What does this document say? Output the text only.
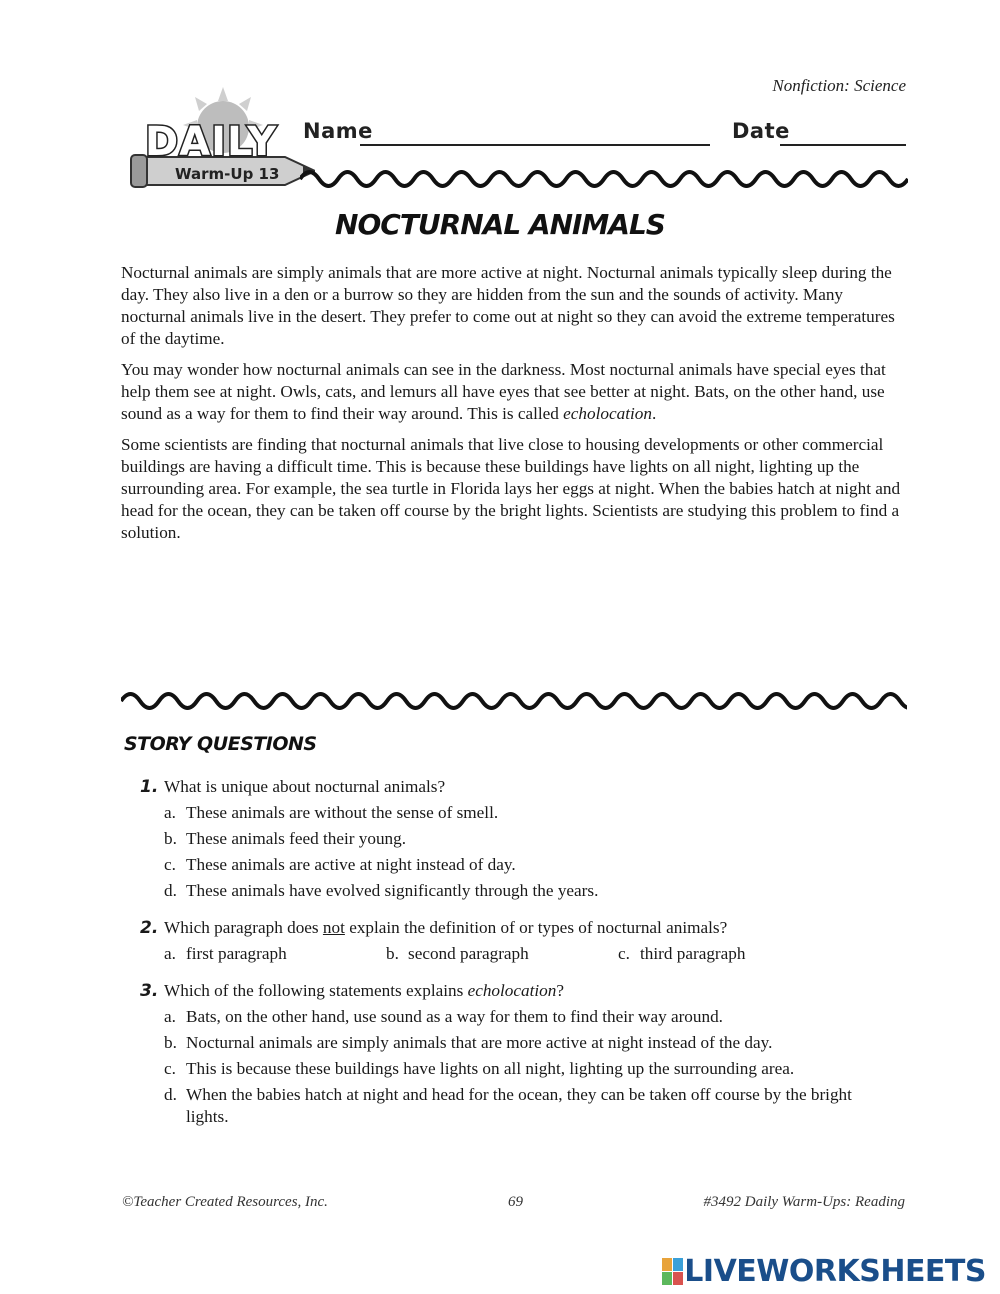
Nonfiction: Science
DAILY
Warm-Up 13
Name	Date
NOCTURNAL ANIMALS

Nocturnal animals are simply animals that are more active at night. Nocturnal animals typically sleep during the day. They also live in a den or a burrow so they are hidden from the sun and the sounds of activity. Many nocturnal animals live in the desert. They prefer to come out at night so they can avoid the extreme temperatures of the daytime.

You may wonder how nocturnal animals can see in the darkness. Most nocturnal animals have special eyes that help them see at night. Owls, cats, and lemurs all have eyes that see better at night. Bats, on the other hand, use sound as a way for them to find their way around. This is called echolocation.

Some scientists are finding that nocturnal animals that live close to housing developments or other commercial buildings are having a difficult time. This is because these buildings have lights on all night, lighting up the surrounding area. For example, the sea turtle in Florida lays her eggs at night. When the babies hatch at night and head for the ocean, they can be taken off course by the bright lights. Scientists are studying this problem to find a solution.

STORY QUESTIONS
1. What is unique about nocturnal animals?
a. These animals are without the sense of smell.
b. These animals feed their young.
c. These animals are active at night instead of day.
d. These animals have evolved significantly through the years.
2. Which paragraph does not explain the definition of or types of nocturnal animals?
a. first paragraph	b. second paragraph	c. third paragraph
3. Which of the following statements explains echolocation?
a. Bats, on the other hand, use sound as a way for them to find their way around.
b. Nocturnal animals are simply animals that are more active at night instead of the day.
c. This is because these buildings have lights on all night, lighting up the surrounding area.
d. When the babies hatch at night and head for the ocean, they can be taken off course by the bright lights.
©Teacher Created Resources, Inc.	69	#3492 Daily Warm-Ups: Reading
LIVEWORKSHEETS
